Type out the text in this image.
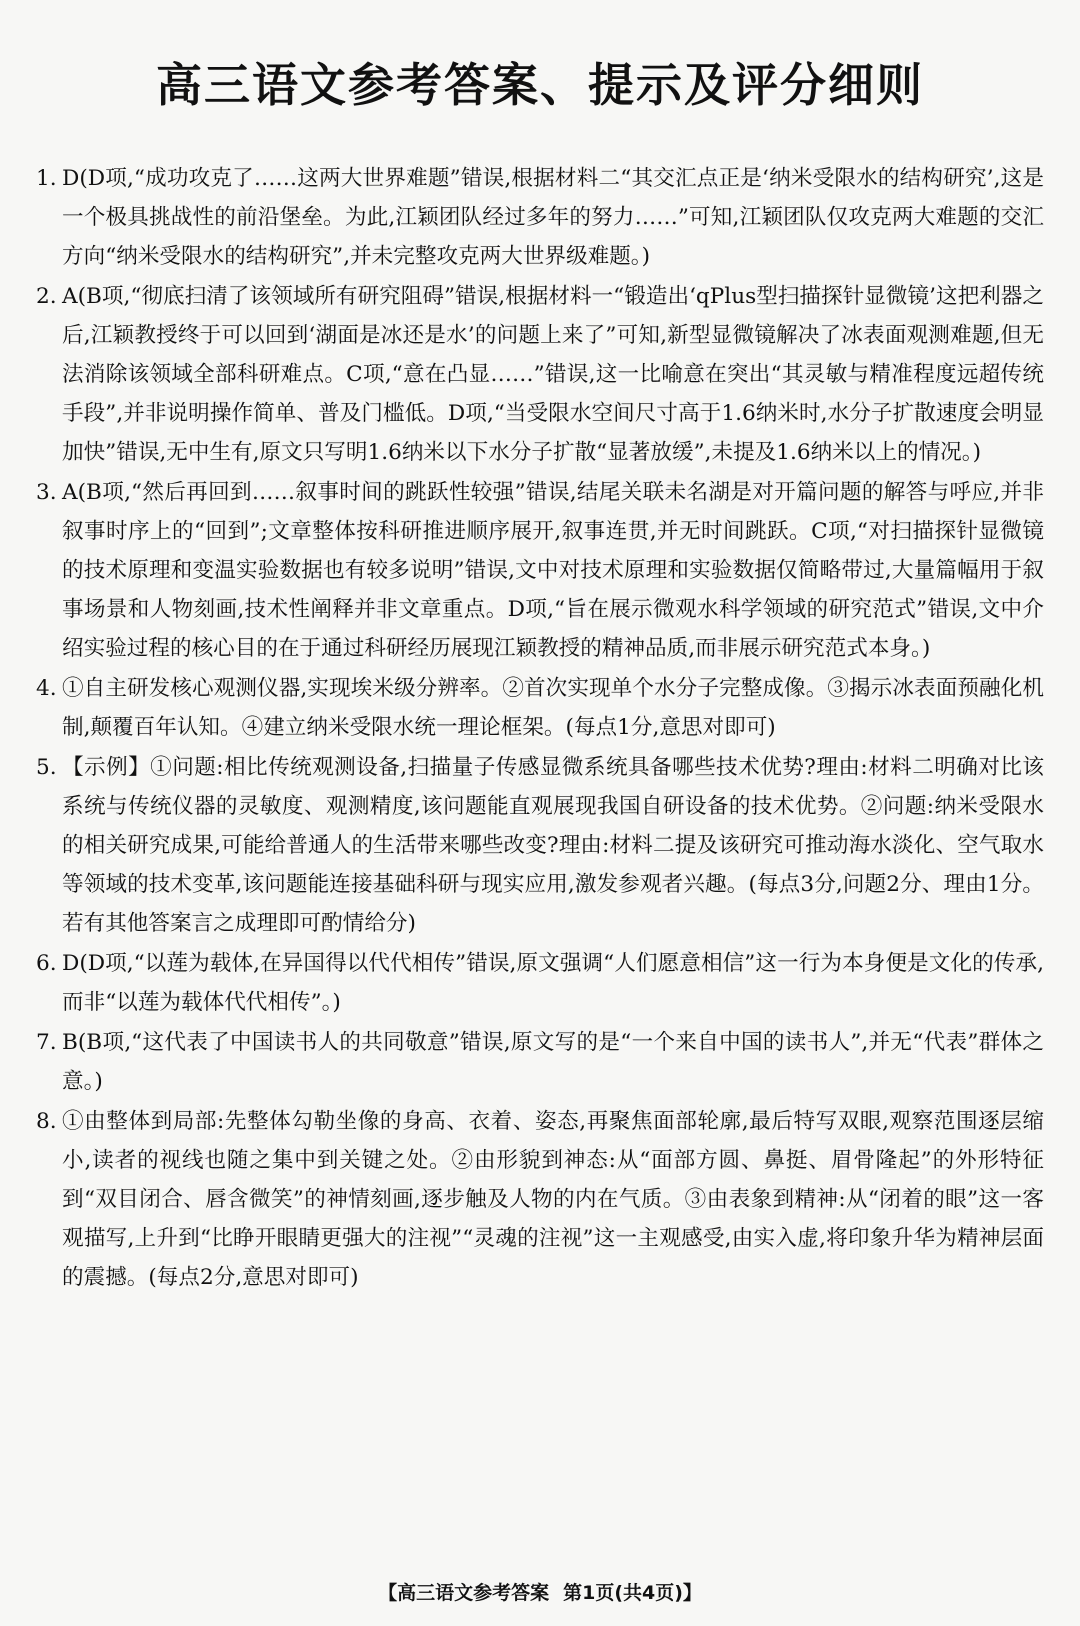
高三语文参考答案、提示及评分细则
1. D(D项,“成功攻克了……这两大世界难题”错误,根据材料二“其交汇点正是‘纳米受限水的结构研究’,这是一个极具挑战性的前沿堡垒。为此,江颖团队经过多年的努力……”可知,江颖团队仅攻克两大难题的交汇方向“纳米受限水的结构研究”,并未完整攻克两大世界级难题。)
2. A(B项,“彻底扫清了该领域所有研究阻碍”错误,根据材料一“锻造出‘qPlus型扫描探针显微镜’这把利器之后,江颖教授终于可以回到‘湖面是冰还是水’的问题上来了”可知,新型显微镜解决了冰表面观测难题,但无法消除该领域全部科研难点。C项,“意在凸显……”错误,这一比喻意在突出“其灵敏与精准程度远超传统手段”,并非说明操作简单、普及门槛低。D项,“当受限水空间尺寸高于1.6纳米时,水分子扩散速度会明显加快”错误,无中生有,原文只写明1.6纳米以下水分子扩散“显著放缓”,未提及1.6纳米以上的情况。)
3. A(B项,“然后再回到……叙事时间的跳跃性较强”错误,结尾关联未名湖是对开篇问题的解答与呼应,并非叙事时序上的“回到”;文章整体按科研推进顺序展开,叙事连贯,并无时间跳跃。C项,“对扫描探针显微镜的技术原理和变温实验数据也有较多说明”错误,文中对技术原理和实验数据仅简略带过,大量篇幅用于叙事场景和人物刻画,技术性阐释并非文章重点。D项,“旨在展示微观水科学领域的研究范式”错误,文中介绍实验过程的核心目的在于通过科研经历展现江颖教授的精神品质,而非展示研究范式本身。)
4. ①自主研发核心观测仪器,实现埃米级分辨率。②首次实现单个水分子完整成像。③揭示冰表面预融化机制,颠覆百年认知。④建立纳米受限水统一理论框架。(每点1分,意思对即可)
5. 【示例】①问题:相比传统观测设备,扫描量子传感显微系统具备哪些技术优势?理由:材料二明确对比该系统与传统仪器的灵敏度、观测精度,该问题能直观展现我国自研设备的技术优势。②问题:纳米受限水的相关研究成果,可能给普通人的生活带来哪些改变?理由:材料二提及该研究可推动海水淡化、空气取水等领域的技术变革,该问题能连接基础科研与现实应用,激发参观者兴趣。(每点3分,问题2分、理由1分。若有其他答案言之成理即可酌情给分)
6. D(D项,“以莲为载体,在异国得以代代相传”错误,原文强调“人们愿意相信”这一行为本身便是文化的传承,而非“以莲为载体代代相传”。)
7. B(B项,“这代表了中国读书人的共同敬意”错误,原文写的是“一个来自中国的读书人”,并无“代表”群体之意。)
8. ①由整体到局部:先整体勾勒坐像的身高、衣着、姿态,再聚焦面部轮廓,最后特写双眼,观察范围逐层缩小,读者的视线也随之集中到关键之处。②由形貌到神态:从“面部方圆、鼻挺、眉骨隆起”的外形特征到“双目闭合、唇含微笑”的神情刻画,逐步触及人物的内在气质。③由表象到精神:从“闭着的眼”这一客观描写,上升到“比睁开眼睛更强大的注视”“灵魂的注视”这一主观感受,由实入虚,将印象升华为精神层面的震撼。(每点2分,意思对即可)
【高三语文参考答案 第1页(共4页)】
